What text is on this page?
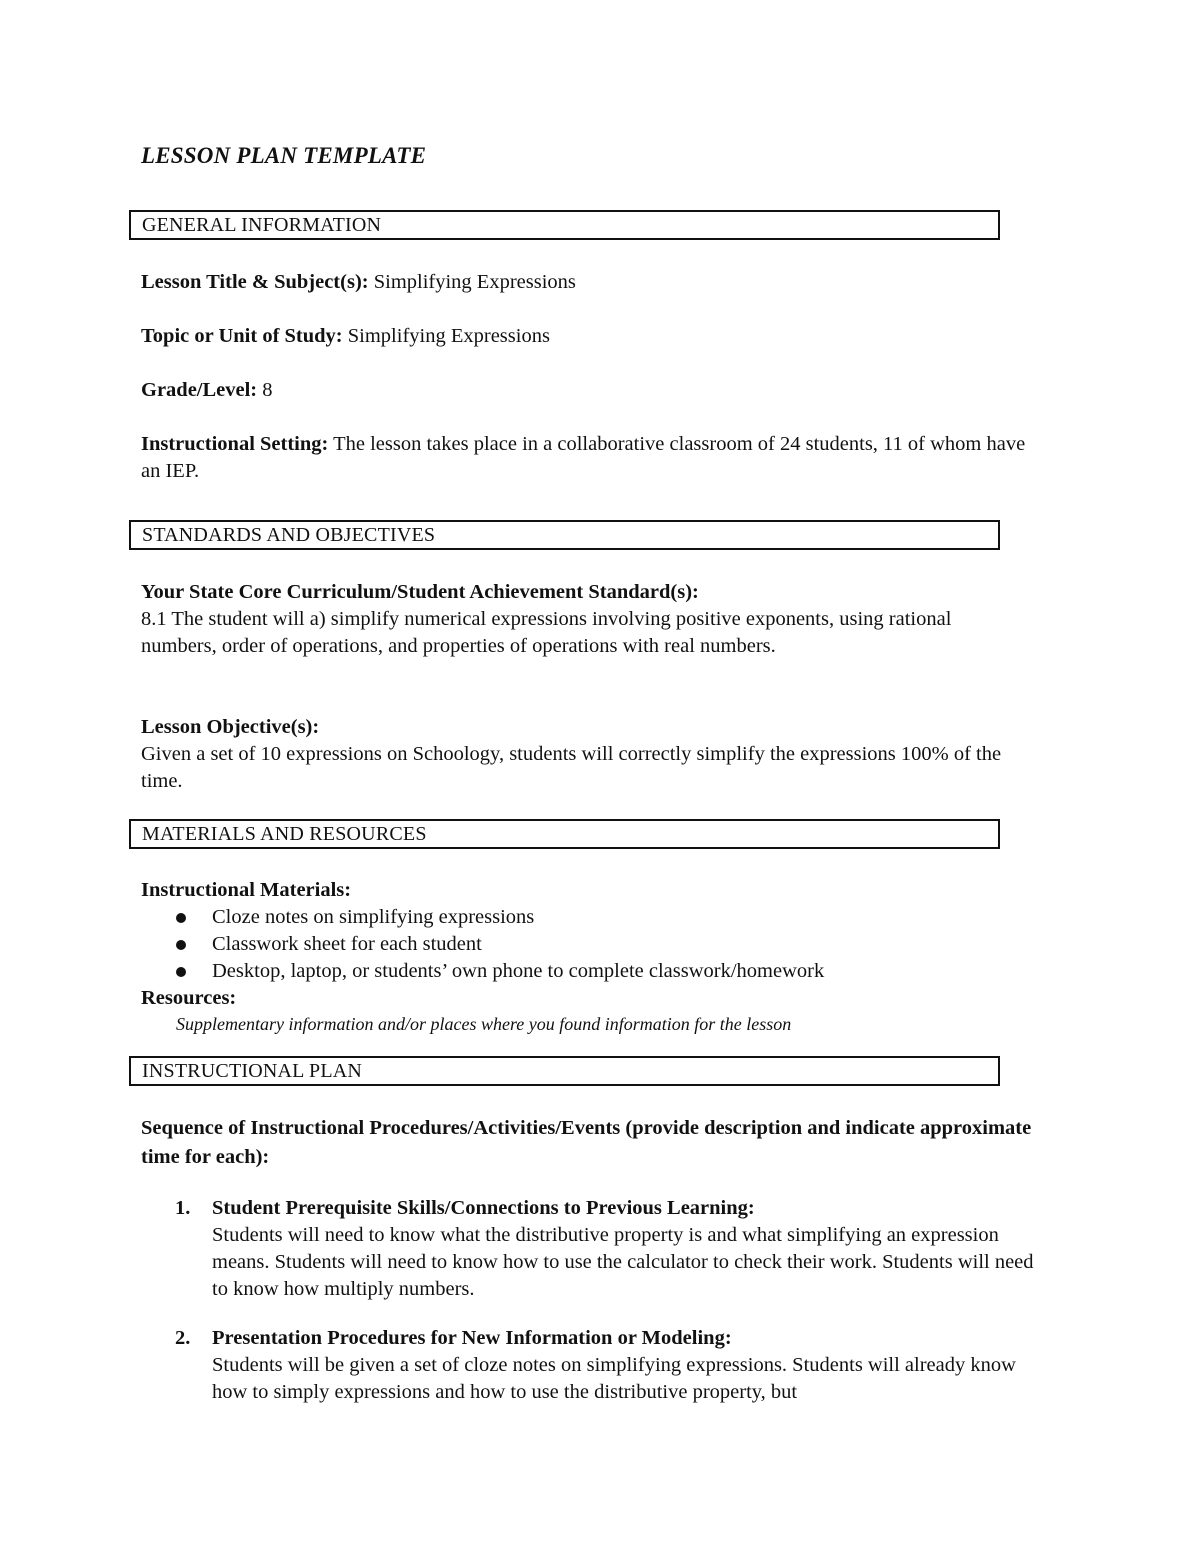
LESSON PLAN TEMPLATE
GENERAL INFORMATION
Lesson Title & Subject(s): Simplifying Expressions
Topic or Unit of Study: Simplifying Expressions
Grade/Level: 8
Instructional Setting: The lesson takes place in a collaborative classroom of 24 students, 11 of whom have an IEP.
STANDARDS AND OBJECTIVES
Your State Core Curriculum/Student Achievement Standard(s):
8.1 The student will a) simplify numerical expressions involving positive exponents, using rational numbers, order of operations, and properties of operations with real numbers.
Lesson Objective(s):
Given a set of 10 expressions on Schoology, students will correctly simplify the expressions 100% of the time.
MATERIALS AND RESOURCES
Instructional Materials:
Cloze notes on simplifying expressions
Classwork sheet for each student
Desktop, laptop, or students’ own phone to complete classwork/homework
Resources:
Supplementary information and/or places where you found information for the lesson
INSTRUCTIONAL PLAN
Sequence of Instructional Procedures/Activities/Events (provide description and indicate approximate time for each):
1. Student Prerequisite Skills/Connections to Previous Learning:
Students will need to know what the distributive property is and what simplifying an expression means. Students will need to know how to use the calculator to check their work. Students will need to know how multiply numbers.
2. Presentation Procedures for New Information or Modeling:
Students will be given a set of cloze notes on simplifying expressions. Students will already know how to simply expressions and how to use the distributive property, but
